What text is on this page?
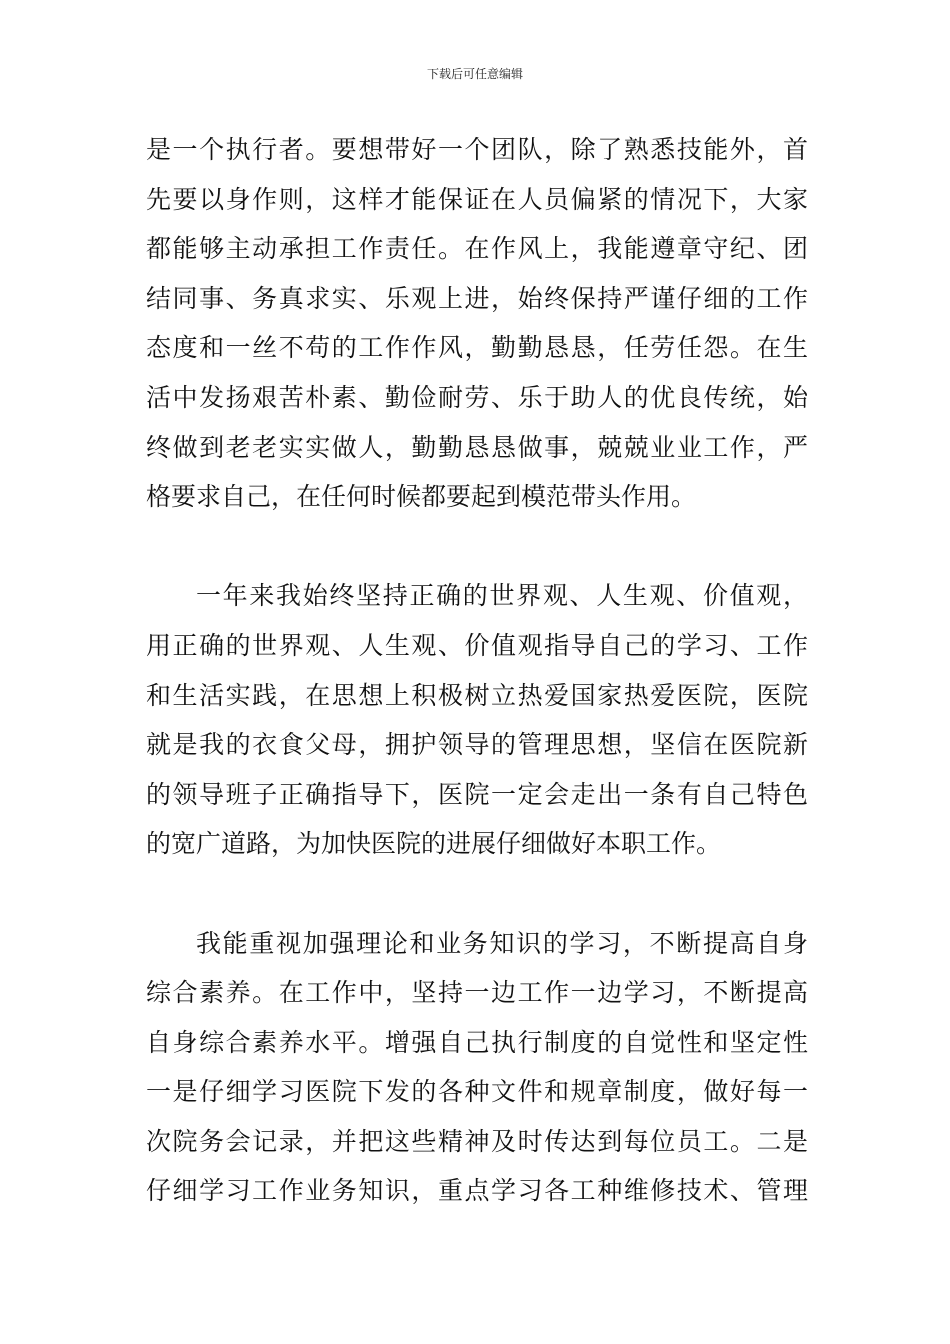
下载后可任意编辑
是一个执行者。要想带好一个团队，除了熟悉技能外，首
先要以身作则，这样才能保证在人员偏紧的情况下，大家
都能够主动承担工作责任。在作风上，我能遵章守纪、团
结同事、务真求实、乐观上进，始终保持严谨仔细的工作
态度和一丝不苟的工作作风，勤勤恳恳，任劳任怨。在生
活中发扬艰苦朴素、勤俭耐劳、乐于助人的优良传统，始
终做到老老实实做人，勤勤恳恳做事，兢兢业业工作，严
格要求自己，在任何时候都要起到模范带头作用。
一年来我始终坚持正确的世界观、人生观、价值观，
用正确的世界观、人生观、价值观指导自己的学习、工作
和生活实践，在思想上积极树立热爱国家热爱医院，医院
就是我的衣食父母，拥护领导的管理思想，坚信在医院新
的领导班子正确指导下，医院一定会走出一条有自己特色
的宽广道路，为加快医院的进展仔细做好本职工作。
我能重视加强理论和业务知识的学习，不断提高自身
综合素养。在工作中，坚持一边工作一边学习，不断提高
自身综合素养水平。增强自己执行制度的自觉性和坚定性
一是仔细学习医院下发的各种文件和规章制度，做好每一
次院务会记录，并把这些精神及时传达到每位员工。二是
仔细学习工作业务知识，重点学习各工种维修技术、管理
